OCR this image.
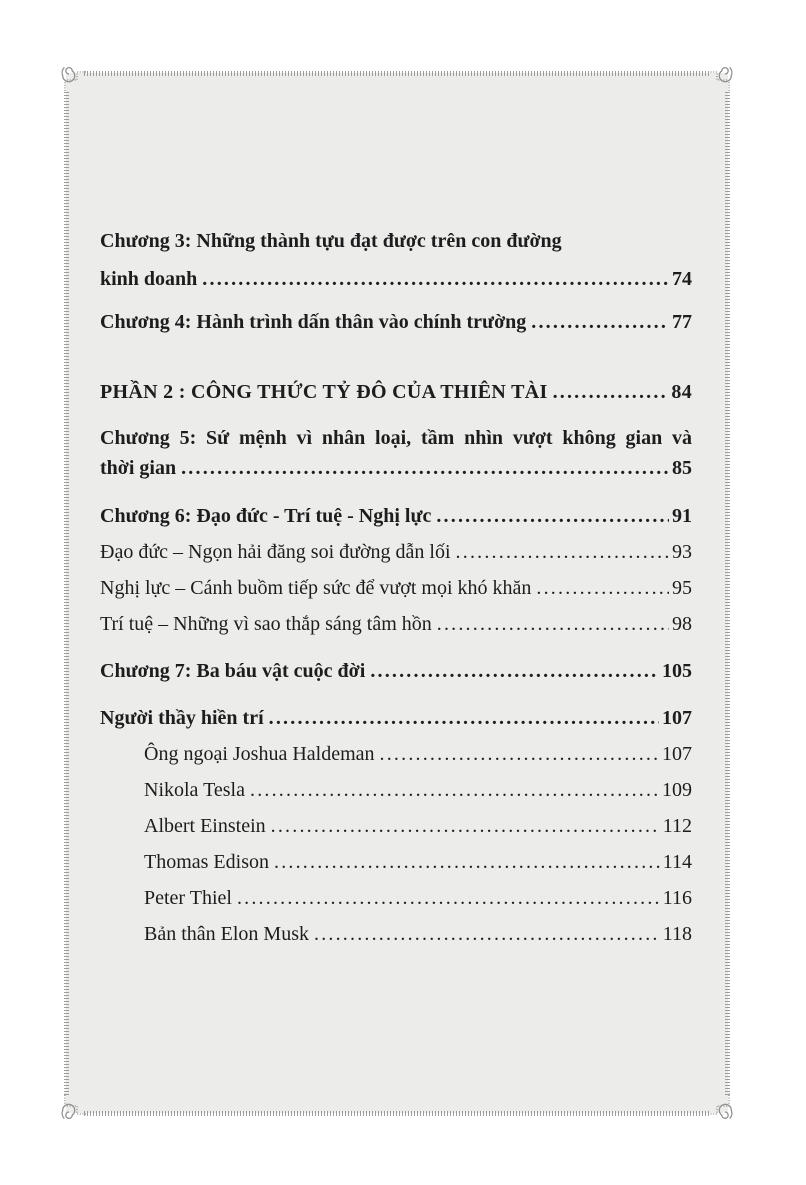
Chương 3: Những thành tựu đạt được trên con đường
kinh doanh .....	74
Chương 4: Hành trình dấn thân vào chính trường .....	77
PHẦN 2 : CÔNG THỨC TỶ ĐÔ CỦA THIÊN TÀI .....	84
Chương 5: Sứ mệnh vì nhân loại, tầm nhìn vượt không gian và
thời gian .....	85
Chương 6: Đạo đức - Trí tuệ - Nghị lực .....	91
Đạo đức – Ngọn hải đăng soi đường dẫn lối .....	93
Nghị lực – Cánh buồm tiếp sức để vượt mọi khó khăn .....	95
Trí tuệ – Những vì sao thắp sáng tâm hồn .....	98
Chương 7: Ba báu vật cuộc đời .....	105
Người thầy hiền trí .....	107
Ông ngoại Joshua Haldeman .....	107
Nikola Tesla .....	109
Albert Einstein .....	112
Thomas Edison .....	114
Peter Thiel .....	116
Bản thân Elon Musk .....	118
